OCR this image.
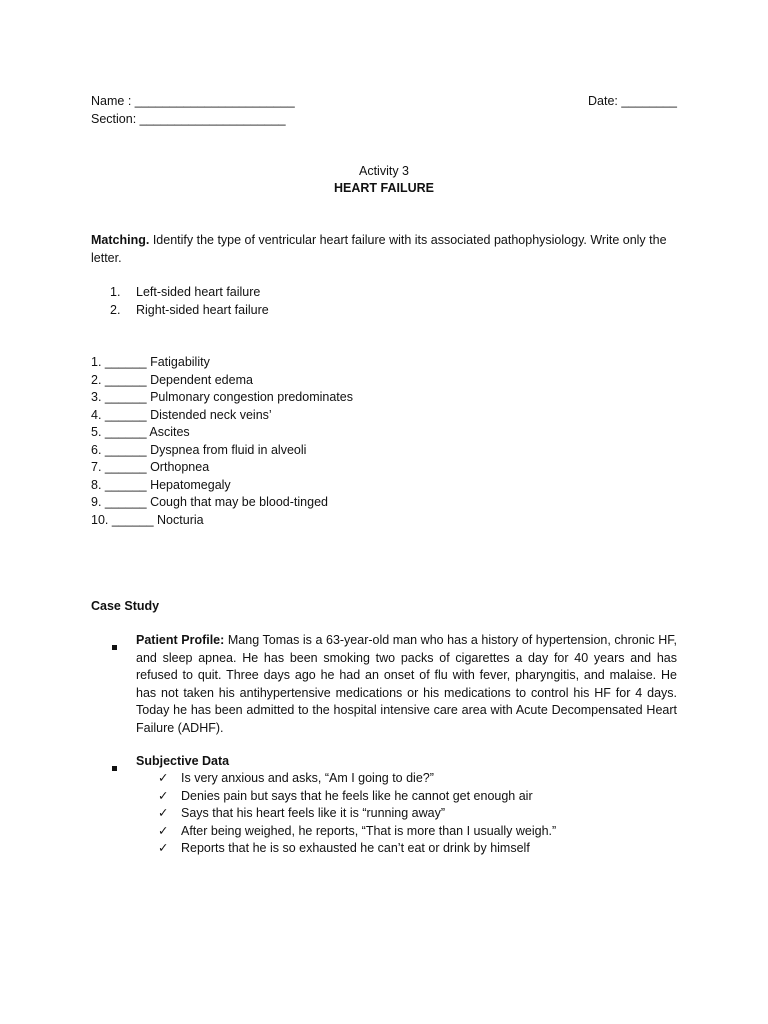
Name : _______________________	Date: ________
Section: _____________________
Activity 3
HEART FAILURE
Matching. Identify the type of ventricular heart failure with its associated pathophysiology. Write only the letter.
1. Left-sided heart failure
2. Right-sided heart failure
1. ______ Fatigability
2. ______ Dependent edema
3. ______ Pulmonary congestion predominates
4. ______ Distended neck veins’
5. ______ Ascites
6. ______ Dyspnea from fluid in alveoli
7. ______ Orthopnea
8. ______ Hepatomegaly
9. ______ Cough that may be blood-tinged
10. ______ Nocturia
Case Study
Patient Profile: Mang Tomas is a 63-year-old man who has a history of hypertension, chronic HF, and sleep apnea. He has been smoking two packs of cigarettes a day for 40 years and has refused to quit. Three days ago he had an onset of flu with fever, pharyngitis, and malaise. He has not taken his antihypertensive medications or his medications to control his HF for 4 days. Today he has been admitted to the hospital intensive care area with Acute Decompensated Heart Failure (ADHF).
Subjective Data
✓ Is very anxious and asks, “Am I going to die?”
✓ Denies pain but says that he feels like he cannot get enough air
✓ Says that his heart feels like it is “running away”
✓ After being weighed, he reports, “That is more than I usually weigh.”
✓ Reports that he is so exhausted he can’t eat or drink by himself
